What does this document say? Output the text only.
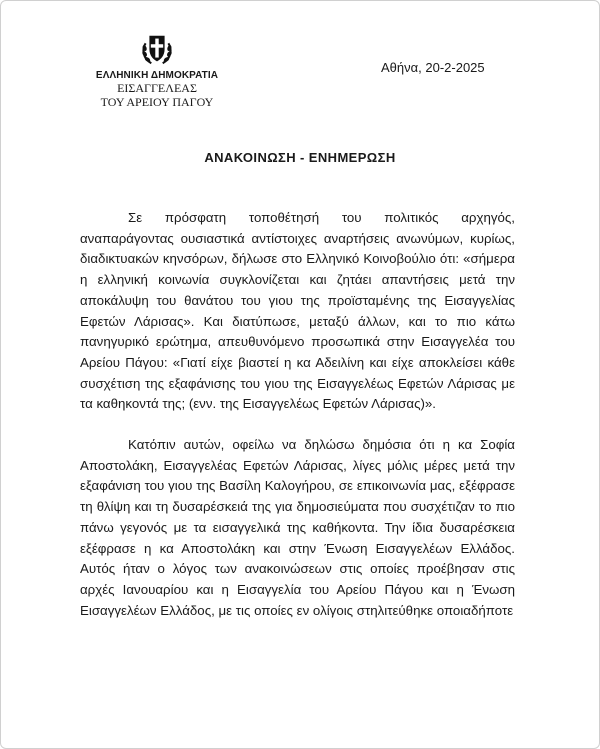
ΕΛΛΗΝΙΚΗ ΔΗΜΟΚΡΑΤΙΑ
ΕΙΣΑΓΓΕΛΕΑΣ
ΤΟΥ ΑΡΕΙΟΥ ΠΑΓΟΥ
Αθήνα, 20-2-2025
ΑΝΑΚΟΙΝΩΣΗ - ΕΝΗΜΕΡΩΣΗ

Σε πρόσφατη τοποθέτησή του πολιτικός αρχηγός, αναπαράγοντας ουσιαστικά αντίστοιχες αναρτήσεις ανωνύμων, κυρίως, διαδικτυακών κηνσόρων, δήλωσε στο Ελληνικό Κοινοβούλιο ότι: «σήμερα η ελληνική κοινωνία συγκλονίζεται και ζητάει απαντήσεις μετά την αποκάλυψη του θανάτου του γιου της προϊσταμένης της Εισαγγελίας Εφετών Λάρισας». Και διατύπωσε, μεταξύ άλλων, και το πιο κάτω πανηγυρικό ερώτημα, απευθυνόμενο προσωπικά στην Εισαγγελέα του Αρείου Πάγου: «Γιατί είχε βιαστεί η κα Αδειλίνη και είχε αποκλείσει κάθε συσχέτιση της εξαφάνισης του γιου της Εισαγγελέως Εφετών Λάρισας με τα καθηκοντά της; (ενν. της Εισαγγελέως Εφετών Λάρισας)».

Κατόπιν αυτών, οφείλω να δηλώσω δημόσια ότι η κα Σοφία Αποστολάκη, Εισαγγελέας Εφετών Λάρισας, λίγες μόλις μέρες μετά την εξαφάνιση του γιου της Βασίλη Καλογήρου, σε επικοινωνία μας, εξέφρασε τη θλίψη και τη δυσαρέσκειά της για δημοσιεύματα που συσχέτιζαν το πιο πάνω γεγονός με τα εισαγγελικά της καθήκοντα. Την ίδια δυσαρέσκεια εξέφρασε η κα Αποστολάκη και στην Ένωση Εισαγγελέων Ελλάδος. Αυτός ήταν ο λόγος των ανακοινώσεων στις οποίες προέβησαν στις αρχές Ιανουαρίου και η Εισαγγελία του Αρείου Πάγου και η Ένωση Εισαγγελέων Ελλάδος, με τις οποίες εν ολίγοις στηλιτεύθηκε οποιαδήποτε
